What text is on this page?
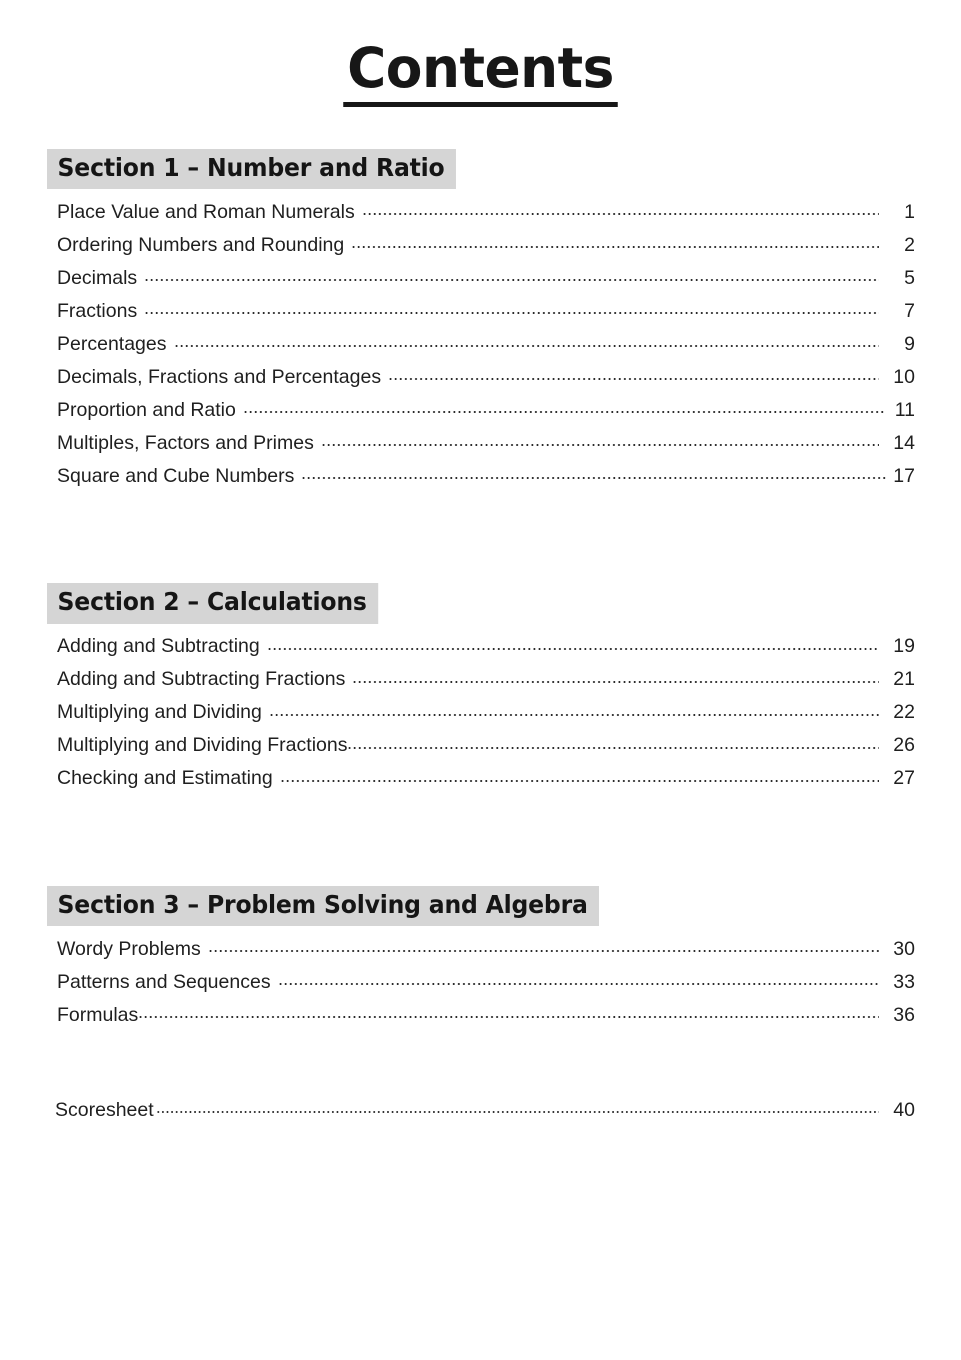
Contents
Section 1 – Number and Ratio
Place Value and Roman Numerals	1
Ordering Numbers and Rounding	2
Decimals	5
Fractions	7
Percentages	9
Decimals, Fractions and Percentages	10
Proportion and Ratio	11
Multiples, Factors and Primes	14
Square and Cube Numbers	17
Section 2 – Calculations
Adding and Subtracting	19
Adding and Subtracting Fractions	21
Multiplying and Dividing	22
Multiplying and Dividing Fractions	26
Checking and Estimating	27
Section 3 – Problem Solving and Algebra
Wordy Problems	30
Patterns and Sequences	33
Formulas	36
Scoresheet	40
